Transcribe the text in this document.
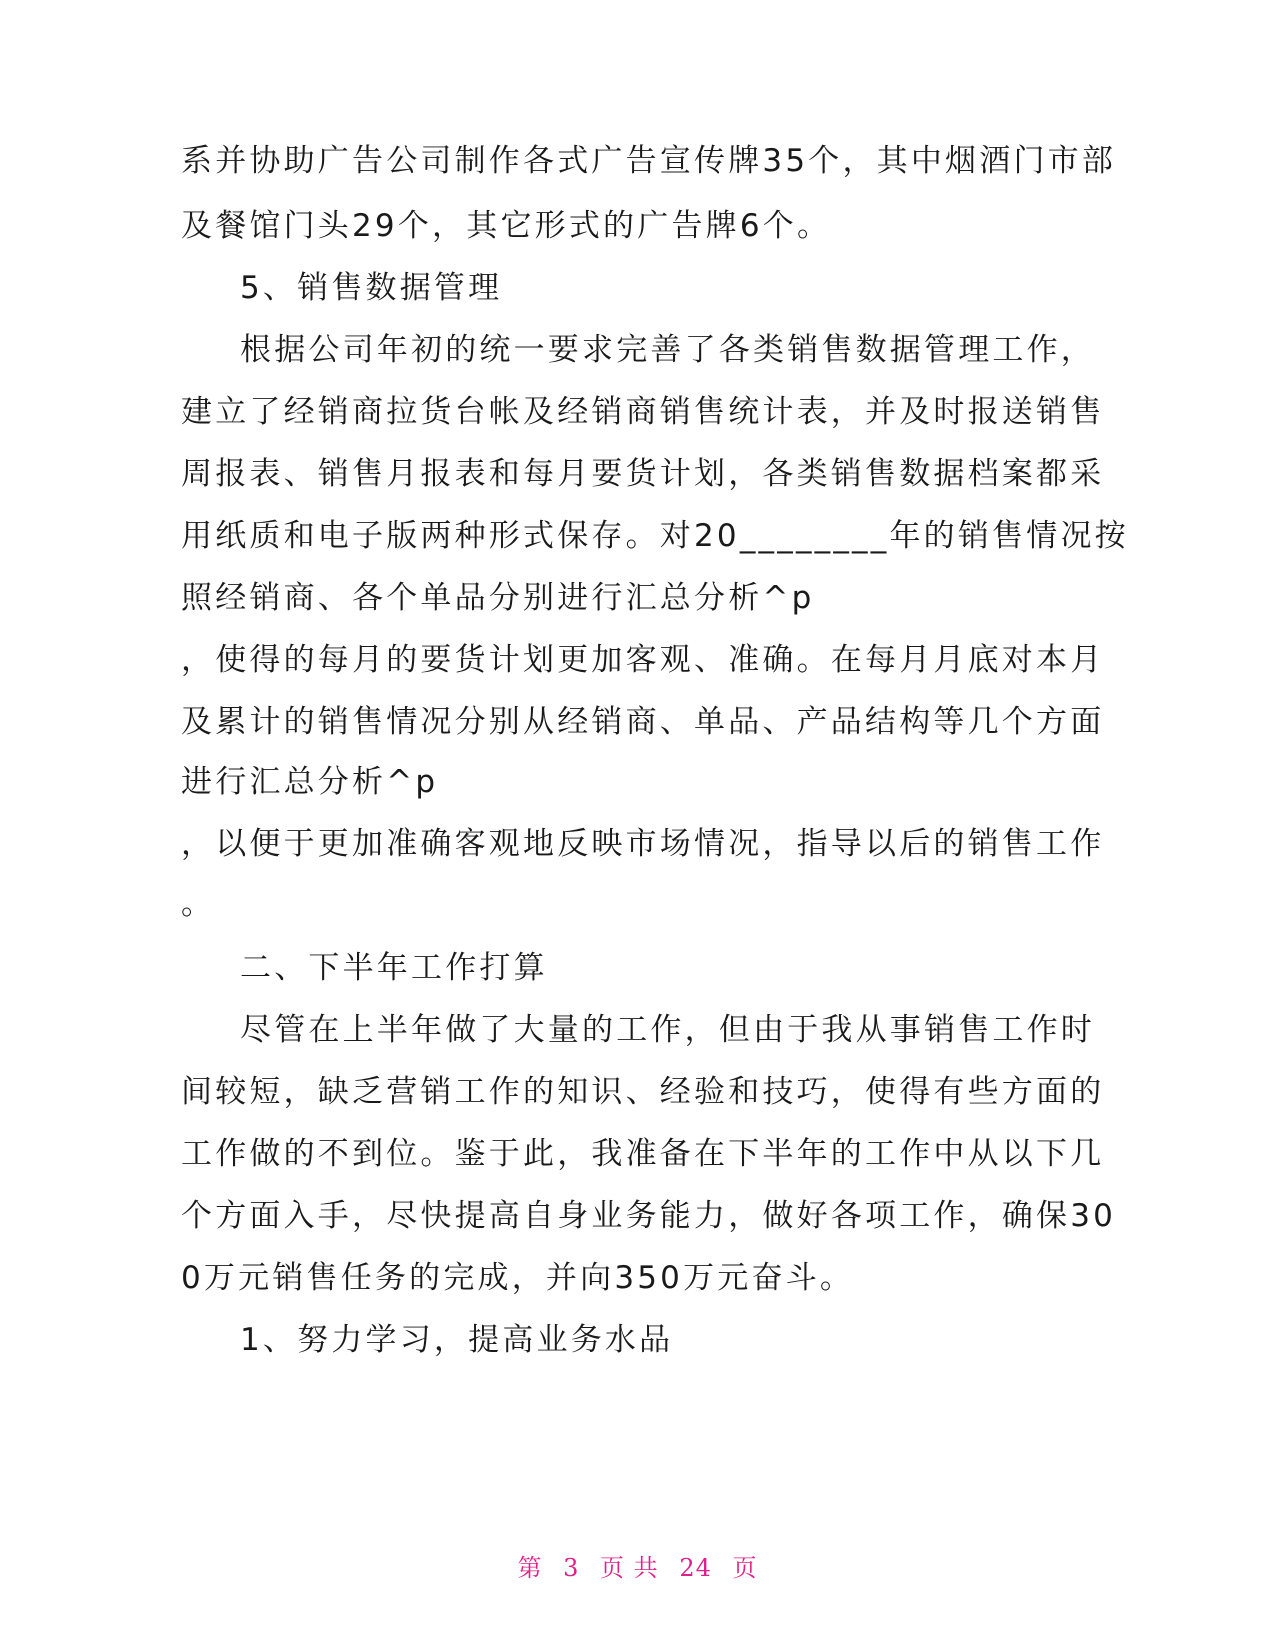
系并协助广告公司制作各式广告宣传牌35个，其中烟酒门市部
及餐馆门头29个，其它形式的广告牌6个。
5、销售数据管理
根据公司年初的统一要求完善了各类销售数据管理工作，
建立了经销商拉货台帐及经销商销售统计表，并及时报送销售
周报表、销售月报表和每月要货计划，各类销售数据档案都采
用纸质和电子版两种形式保存。对20________年的销售情况按
照经销商、各个单品分别进行汇总分析^p
，使得的每月的要货计划更加客观、准确。在每月月底对本月
及累计的销售情况分别从经销商、单品、产品结构等几个方面
进行汇总分析^p
，以便于更加准确客观地反映市场情况，指导以后的销售工作
。
二、下半年工作打算
尽管在上半年做了大量的工作，但由于我从事销售工作时
间较短，缺乏营销工作的知识、经验和技巧，使得有些方面的
工作做的不到位。鉴于此，我准备在下半年的工作中从以下几
个方面入手，尽快提高自身业务能力，做好各项工作，确保30
0万元销售任务的完成，并向350万元奋斗。
1、努力学习，提高业务水品
第 3 页 共 24 页
